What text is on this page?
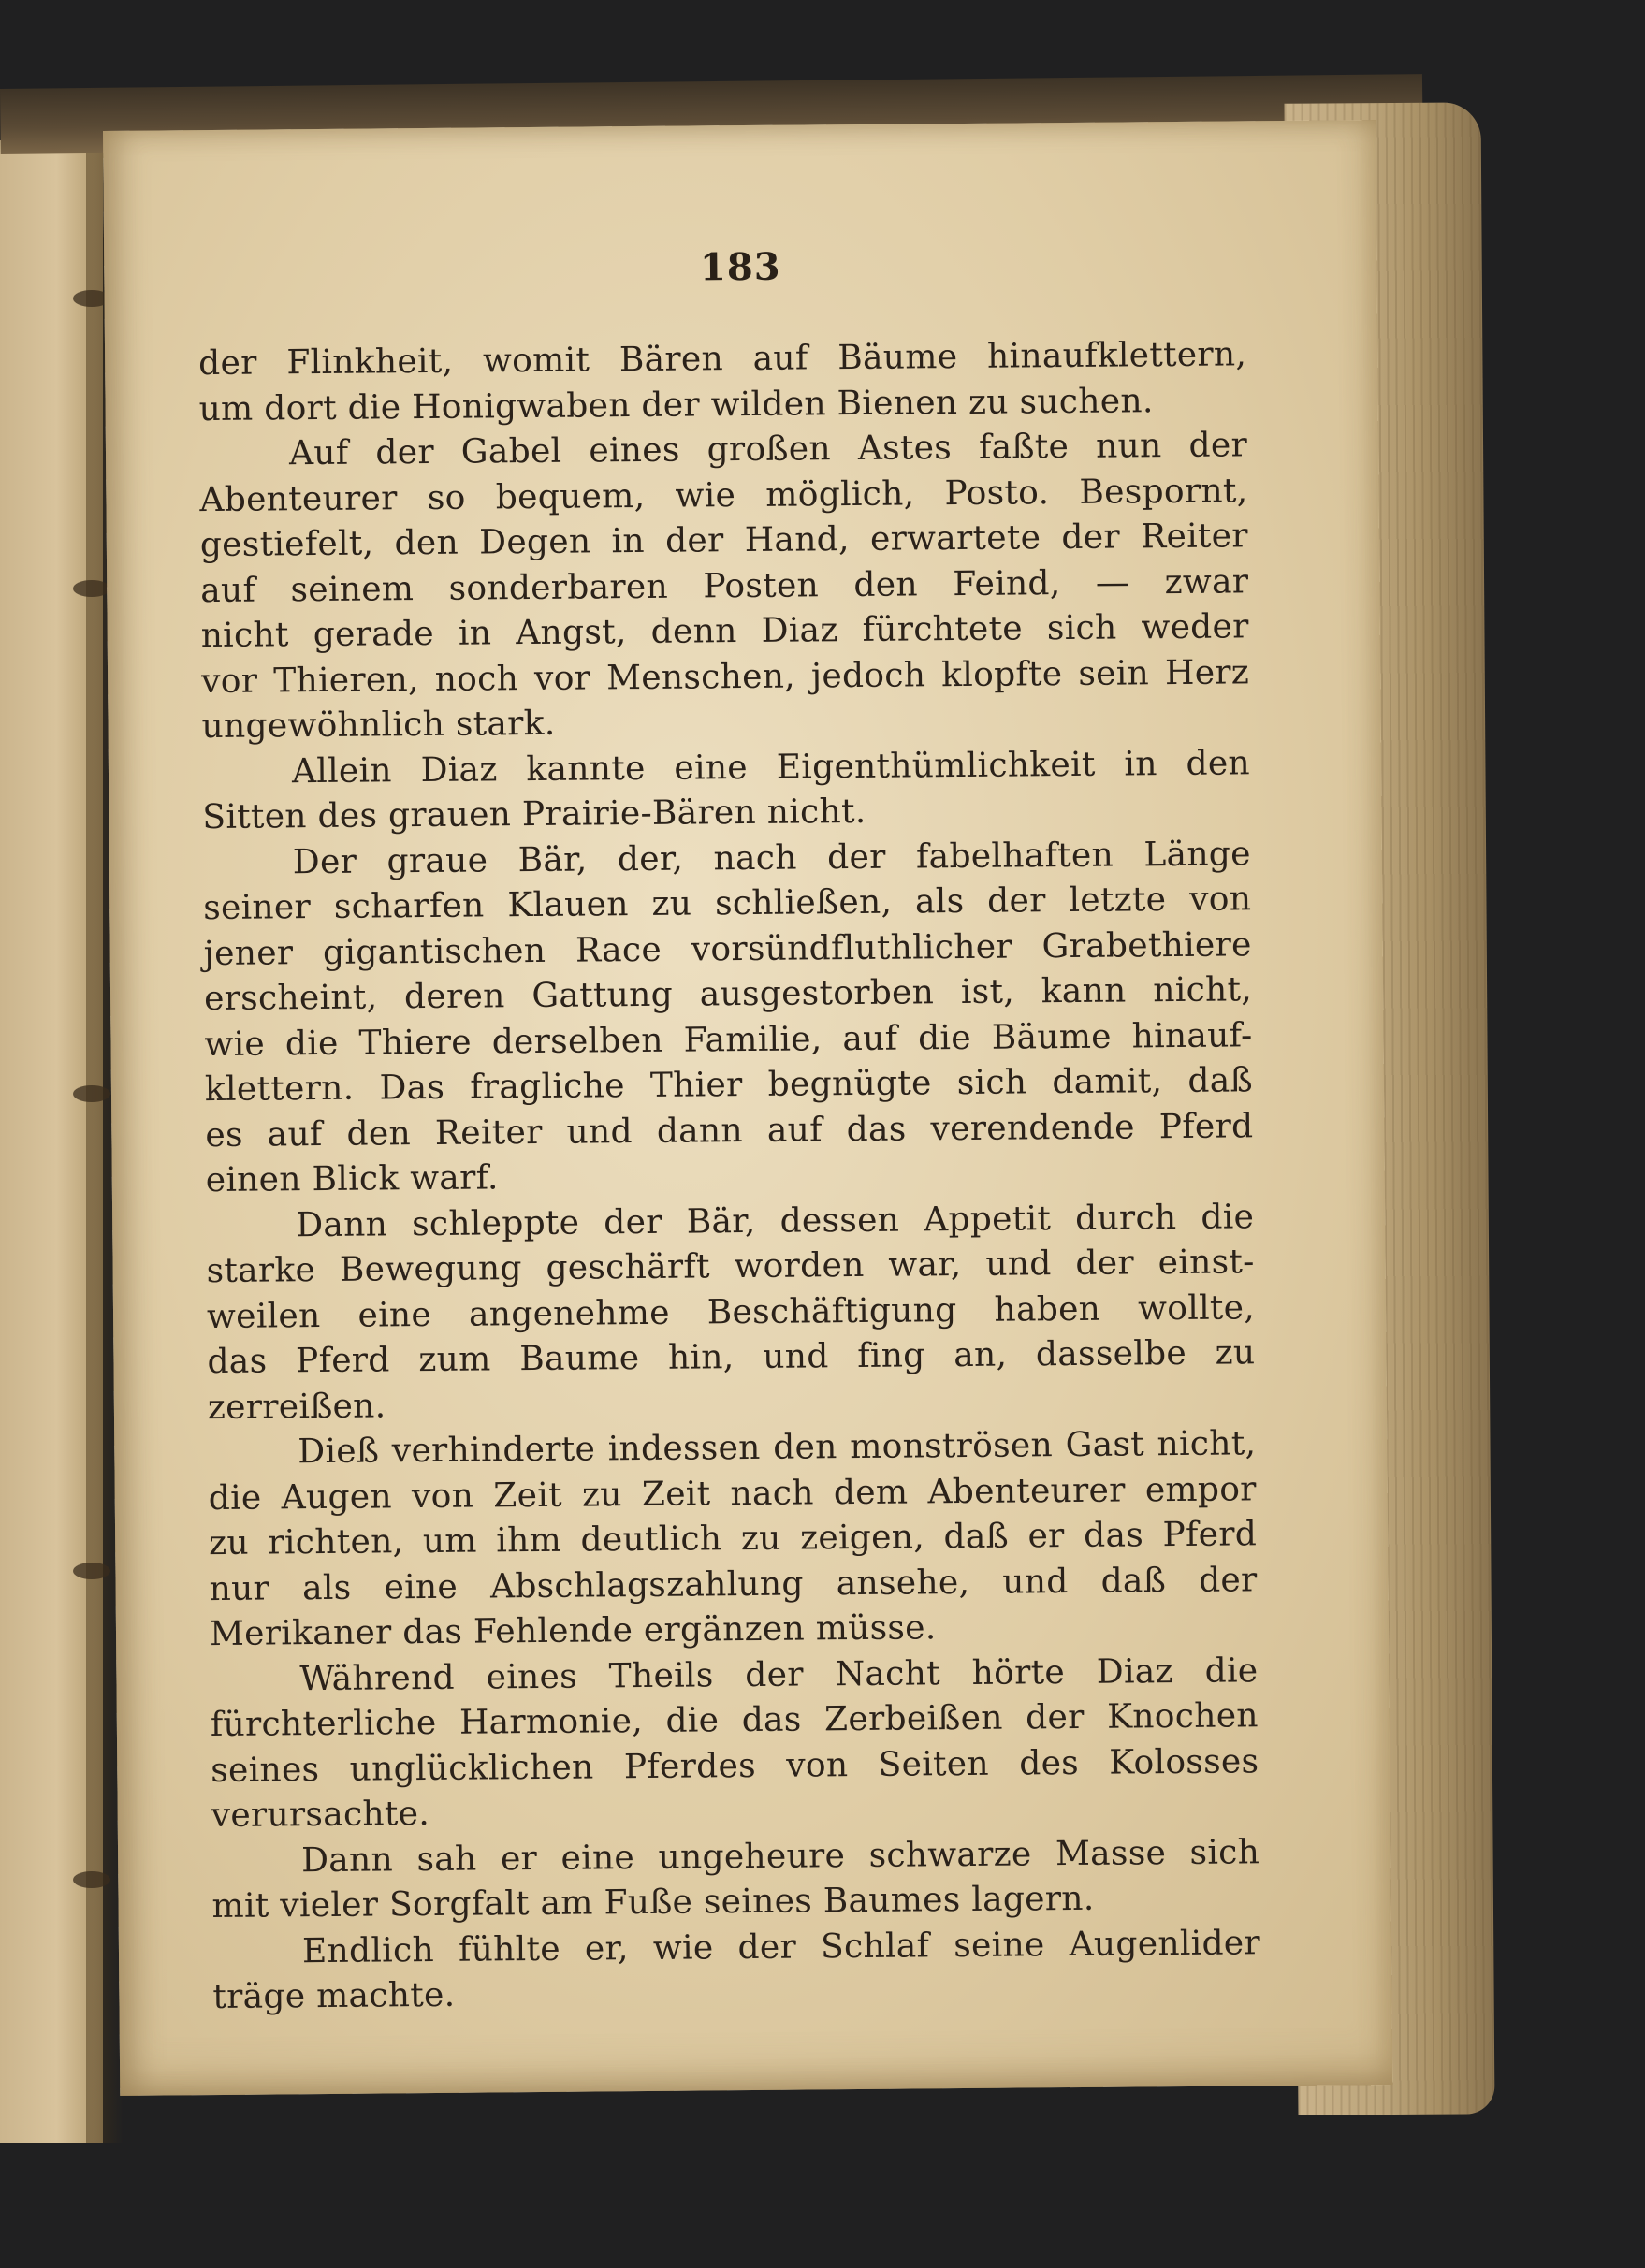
183
der Flinkheit, womit Bären auf Bäume hinaufklettern,
um dort die Honigwaben der wilden Bienen zu suchen.
Auf der Gabel eines großen Astes faßte nun der
Abenteurer so bequem, wie möglich, Posto. Bespornt,
gestiefelt, den Degen in der Hand, erwartete der Reiter
auf seinem sonderbaren Posten den Feind, — zwar
nicht gerade in Angst, denn Diaz fürchtete sich weder
vor Thieren, noch vor Menschen, jedoch klopfte sein Herz
ungewöhnlich stark.
Allein Diaz kannte eine Eigenthümlichkeit in den
Sitten des grauen Prairie-Bären nicht.
Der graue Bär, der, nach der fabelhaften Länge
seiner scharfen Klauen zu schließen, als der letzte von
jener gigantischen Race vorsündfluthlicher Grabethiere
erscheint, deren Gattung ausgestorben ist, kann nicht,
wie die Thiere derselben Familie, auf die Bäume hinauf-
klettern. Das fragliche Thier begnügte sich damit, daß
es auf den Reiter und dann auf das verendende Pferd
einen Blick warf.
Dann schleppte der Bär, dessen Appetit durch die
starke Bewegung geschärft worden war, und der einst-
weilen eine angenehme Beschäftigung haben wollte,
das Pferd zum Baume hin, und fing an, dasselbe zu
zerreißen.
Dieß verhinderte indessen den monströsen Gast nicht,
die Augen von Zeit zu Zeit nach dem Abenteurer empor
zu richten, um ihm deutlich zu zeigen, daß er das Pferd
nur als eine Abschlagszahlung ansehe, und daß der
Merikaner das Fehlende ergänzen müsse.
Während eines Theils der Nacht hörte Diaz die
fürchterliche Harmonie, die das Zerbeißen der Knochen
seines unglücklichen Pferdes von Seiten des Kolosses
verursachte.
Dann sah er eine ungeheure schwarze Masse sich
mit vieler Sorgfalt am Fuße seines Baumes lagern.
Endlich fühlte er, wie der Schlaf seine Augenlider
träge machte.
